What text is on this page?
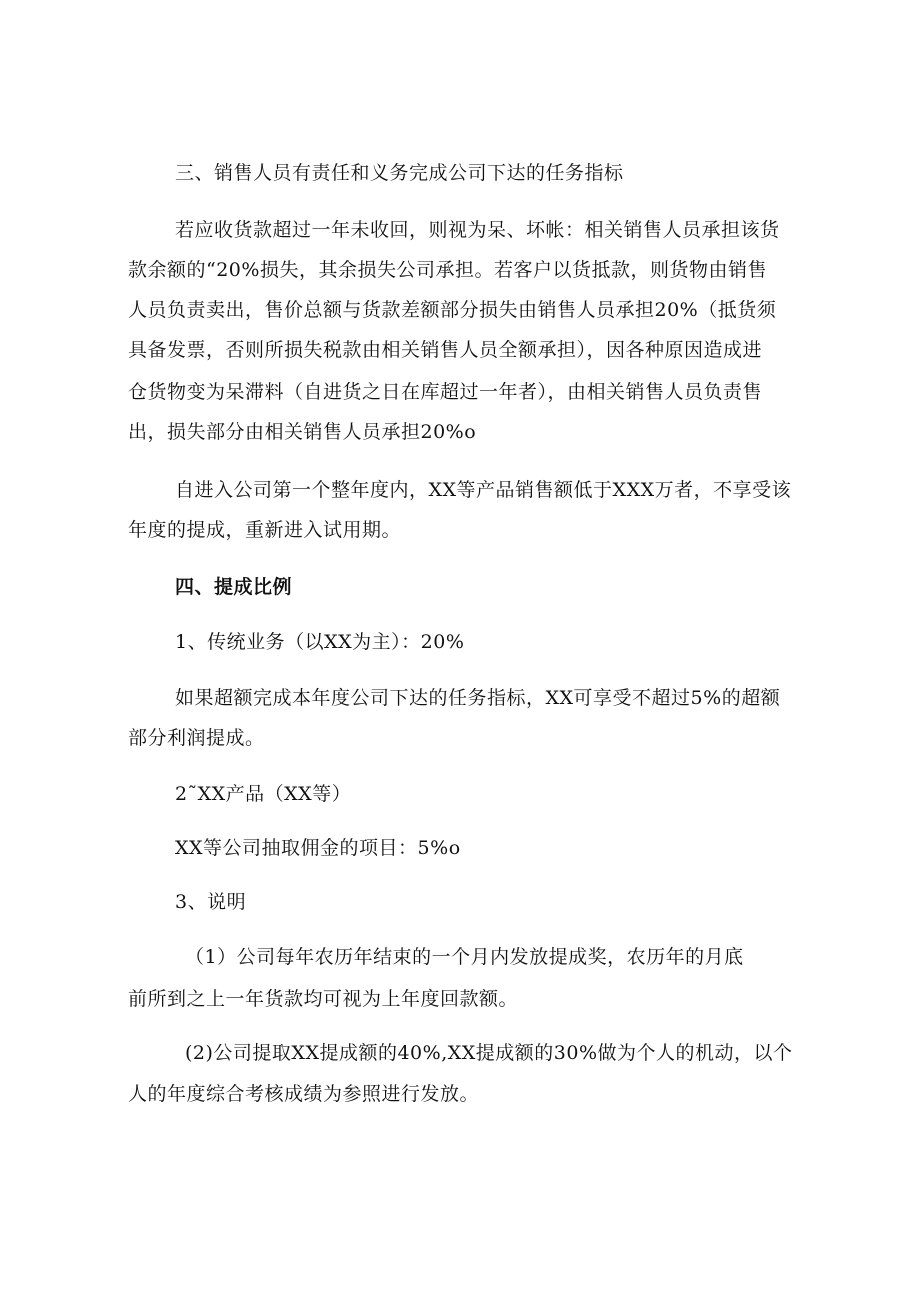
三、销售人员有责任和义务完成公司下达的任务指标
若应收货款超过一年未收回，则视为呆、坏帐：相关销售人员承担该货
款余额的“20%损失，其余损失公司承担。若客户以货抵款，则货物由销售
人员负责卖出，售价总额与货款差额部分损失由销售人员承担20%（抵货须
具备发票，否则所损失税款由相关销售人员全额承担），因各种原因造成进
仓货物变为呆滞料（自进货之日在库超过一年者），由相关销售人员负责售
出，损失部分由相关销售人员承担20%o
自进入公司第一个整年度内，XX等产品销售额低于XXX万者，不享受该
年度的提成，重新进入试用期。
四、提成比例
1、传统业务（以XX为主）：20%
如果超额完成本年度公司下达的任务指标，XX可享受不超过5%的超额
部分利润提成。
2˜XX产品（XX等）
XX等公司抽取佣金的项目：5%o
3、说明
（1）公司每年农历年结束的一个月内发放提成奖，农历年的月底
前所到之上一年货款均可视为上年度回款额。
(2)公司提取XX提成额的40%,XX提成额的30%做为个人的机动，以个
人的年度综合考核成绩为参照进行发放。
